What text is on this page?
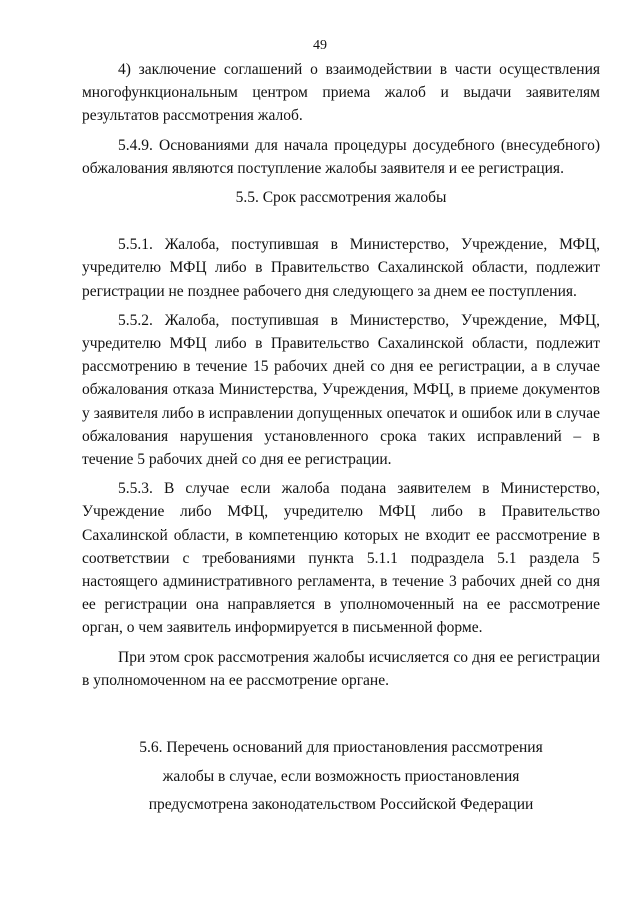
49

4) заключение соглашений о взаимодействии в части осуществления многофункциональным центром приема жалоб и выдачи заявителям результатов рассмотрения жалоб.

5.4.9. Основаниями для начала процедуры досудебного (внесудебного) обжалования являются поступление жалобы заявителя и ее регистрация.

5.5. Срок рассмотрения жалобы

5.5.1. Жалоба, поступившая в Министерство, Учреждение, МФЦ, учредителю МФЦ либо в Правительство Сахалинской области, подлежит регистрации не позднее рабочего дня следующего за днем ее поступления.

5.5.2. Жалоба, поступившая в Министерство, Учреждение, МФЦ, учредителю МФЦ либо в Правительство Сахалинской области, подлежит рассмотрению в течение 15 рабочих дней со дня ее регистрации, а в случае обжалования отказа Министерства, Учреждения, МФЦ, в приеме документов у заявителя либо в исправлении допущенных опечаток и ошибок или в случае обжалования нарушения установленного срока таких исправлений – в течение 5 рабочих дней со дня ее регистрации.

5.5.3. В случае если жалоба подана заявителем в Министерство, Учреждение либо МФЦ, учредителю МФЦ либо в Правительство Сахалинской области, в компетенцию которых не входит ее рассмотрение в соответствии с требованиями пункта 5.1.1 подраздела 5.1 раздела 5 настоящего административного регламента, в течение 3 рабочих дней со дня ее регистрации она направляется в уполномоченный на ее рассмотрение орган, о чем заявитель информируется в письменной форме.

При этом срок рассмотрения жалобы исчисляется со дня ее регистрации в уполномоченном на ее рассмотрение органе.

5.6. Перечень оснований для приостановления рассмотрения
жалобы в случае, если возможность приостановления
предусмотрена законодательством Российской Федерации
